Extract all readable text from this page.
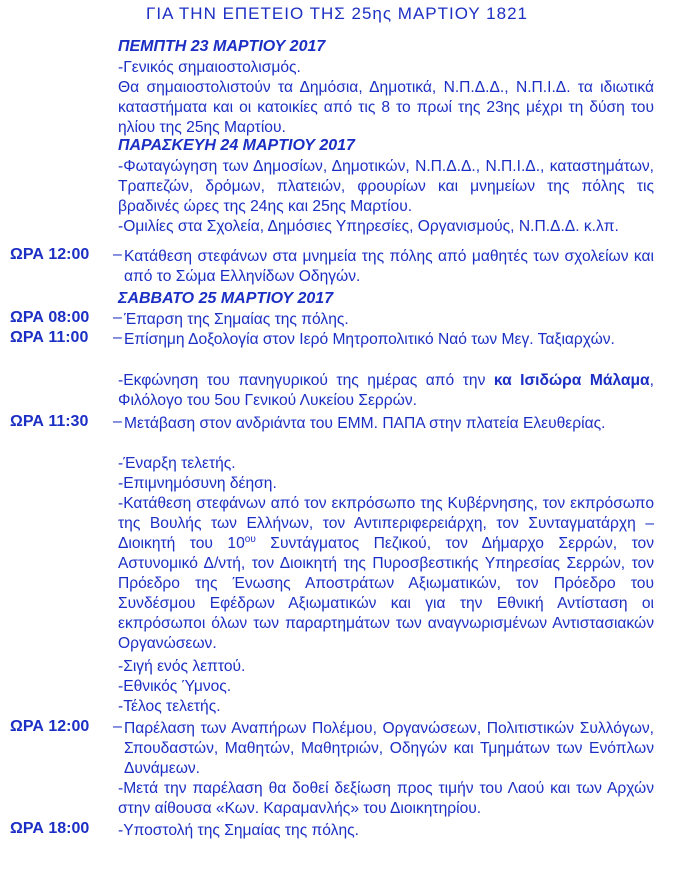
ΓΙΑ ΤΗΝ ΕΠΕΤΕΙΟ ΤΗΣ 25ης ΜΑΡΤΙΟΥ 1821
ΠΕΜΠΤΗ 23 ΜΑΡΤΙΟΥ 2017
-Γενικός σημαιοστολισμός.
Θα σημαιοστολιστούν τα Δημόσια, Δημοτικά, Ν.Π.Δ.Δ., Ν.Π.Ι.Δ. τα ιδιωτικά καταστήματα και οι κατοικίες από τις 8 το πρωί της 23ης μέχρι τη δύση του ηλίου της 25ης Μαρτίου.
ΠΑΡΑΣΚΕΥΗ 24 ΜΑΡΤΙΟΥ 2017
-Φωταγώγηση των Δημοσίων, Δημοτικών, Ν.Π.Δ.Δ., Ν.Π.Ι.Δ., καταστημάτων, Τραπεζών, δρόμων, πλατειών, φρουρίων και μνημείων της πόλης τις βραδινές ώρες της 24ης και 25ης Μαρτίου.
-Ομιλίες στα Σχολεία, Δημόσιες Υπηρεσίες, Οργανισμούς, Ν.Π.Δ.Δ. κ.λπ.
ΩΡΑ 12:00 – Κατάθεση στεφάνων στα μνημεία της πόλης από μαθητές των σχολείων και από το Σώμα Ελληνίδων Οδηγών.
ΣΑΒΒΑΤΟ 25 ΜΑΡΤΙΟΥ 2017
ΩΡΑ 08:00 – Έπαρση της Σημαίας της πόλης.
ΩΡΑ 11:00 – Επίσημη Δοξολογία στον Ιερό Μητροπολιτικό Ναό των Μεγ. Ταξιαρχών.
-Εκφώνηση του πανηγυρικού της ημέρας από την κα Ισιδώρα Μάλαμα, Φιλόλογο του 5ου Γενικού Λυκείου Σερρών.
ΩΡΑ 11:30 – Μετάβαση στον ανδριάντα του ΕΜΜ. ΠΑΠΑ στην πλατεία Ελευθερίας.
-Έναρξη τελετής.
-Επιμνημόσυνη δέηση.
-Κατάθεση στεφάνων από τον εκπρόσωπο της Κυβέρνησης, τον εκπρόσωπο της Βουλής των Ελλήνων, τον Αντιπεριφερειάρχη, τον Συνταγματάρχη – Διοικητή του $10^{o\upsilon}$ Συντάγματος Πεζικού, τον Δήμαρχο Σερρών, τον Αστυνομικό Δ/ντή, τον Διοικητή της Πυροσβεστικής Υπηρεσίας Σερρών, τον Πρόεδρο της Ένωσης Αποστράτων Αξιωματικών, τον Πρόεδρο του Συνδέσμου Εφέδρων Αξιωματικών και για την Εθνική Αντίσταση οι εκπρόσωποι όλων των παραρτημάτων των αναγνωρισμένων Αντιστασιακών Οργανώσεων.
-Σιγή ενός λεπτού.
-Εθνικός Ύμνος.
-Τέλος τελετής.
ΩΡΑ 12:00 – Παρέλαση των Αναπήρων Πολέμου, Οργανώσεων, Πολιτιστικών Συλλόγων, Σπουδαστών, Μαθητών, Μαθητριών, Οδηγών και Τμημάτων των Ενόπλων Δυνάμεων.
-Μετά την παρέλαση θα δοθεί δεξίωση προς τιμήν του Λαού και των Αρχών στην αίθουσα «Κων. Καραμανλής» του Διοικητηρίου.
ΩΡΑ 18:00 -Υποστολή της Σημαίας της πόλης.
